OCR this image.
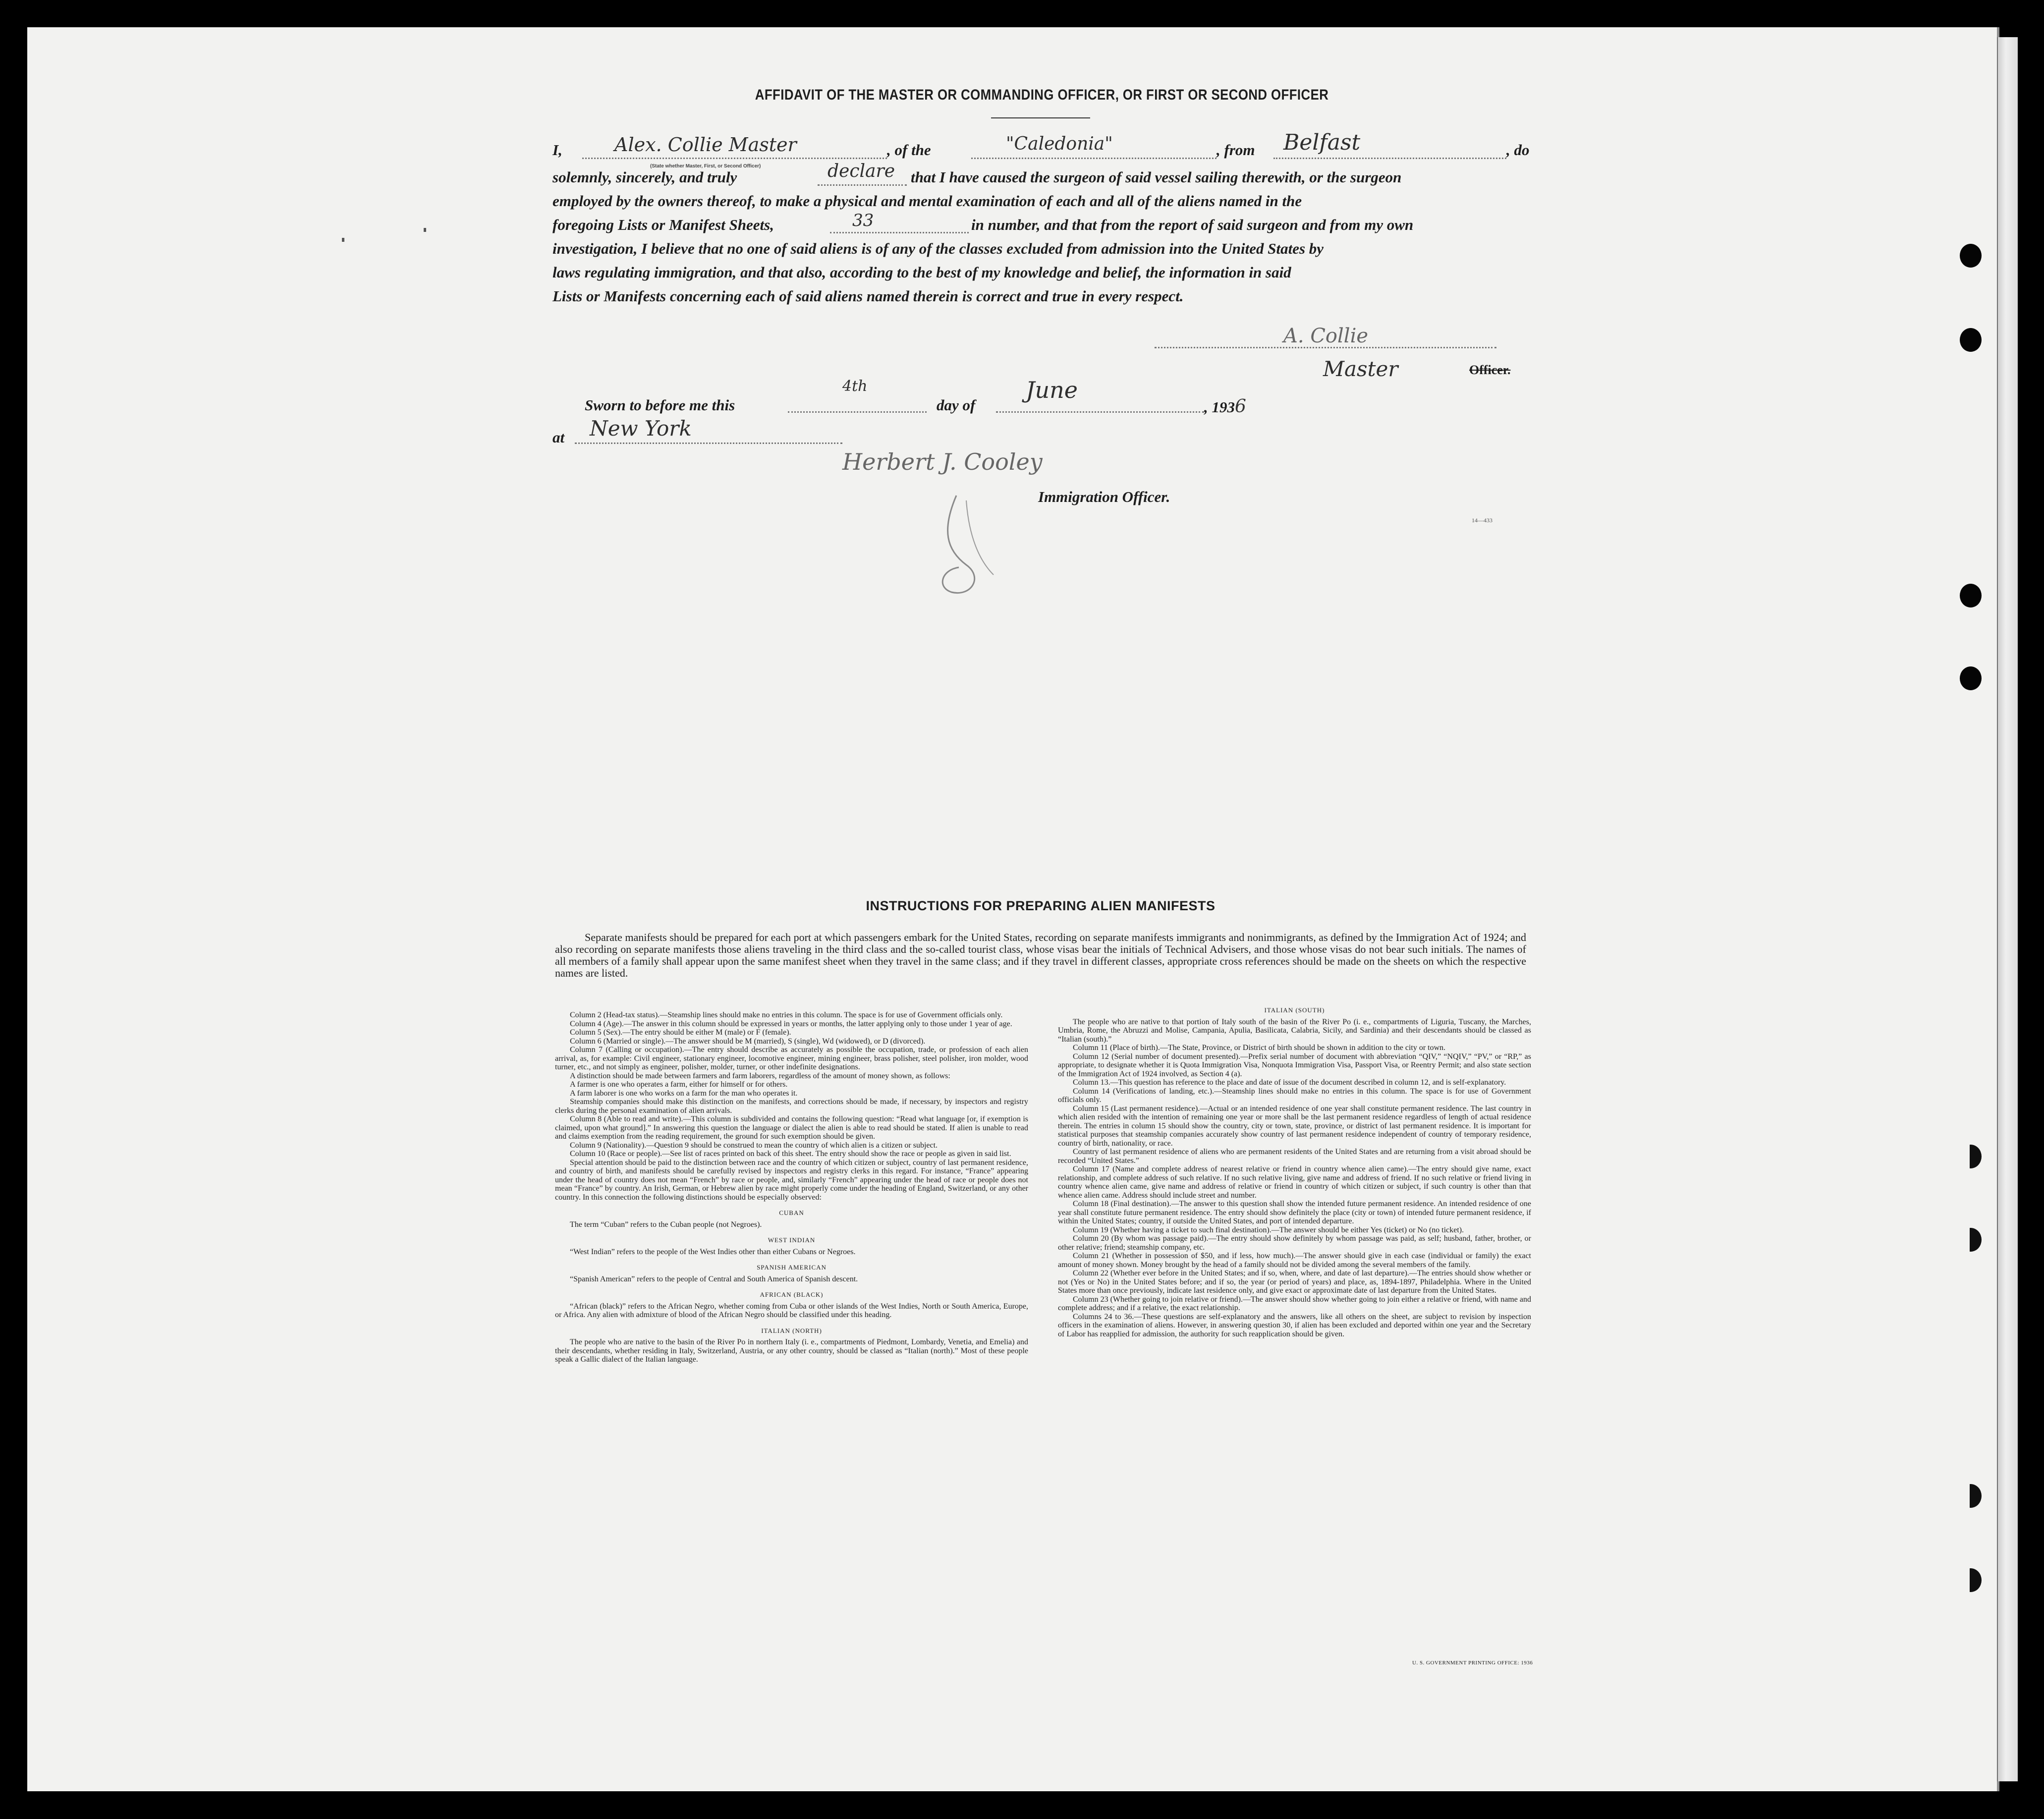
AFFIDAVIT OF THE MASTER OR COMMANDING OFFICER, OR FIRST OR SECOND OFFICER
I,	Alex. Collie Master	, of the	"Caledonia"	, from Belfast	, do
(State whether Master, First, or Second Officer)
solemnly, sincerely, and truly	declare that I have caused the surgeon of said vessel sailing therewith, or the surgeon
employed by the owners thereof, to make a physical and mental examination of each and all of the aliens named in the
foregoing Lists or Manifest Sheets,	33	in number, and that from the report of said surgeon and from my own
investigation, I believe that no one of said aliens is of any of the classes excluded from admission into the United States by
laws regulating immigration, and that also, according to the best of my knowledge and belief, the information in said
Lists or Manifests concerning each of said aliens named therein is correct and true in every respect.
A. Collie
Master	Officer.
Sworn to before me this
4th
day of
June
, 1936
at New York
Herbert J. Cooley
Immigration Officer.
14—433
INSTRUCTIONS FOR PREPARING ALIEN MANIFESTS
Separate manifests should be prepared for each port at which passengers embark for the United States, recording on separate manifests immigrants and nonimmigrants, as defined by the Immigration Act of 1924; and also recording on separate manifests those aliens traveling in the third class and the so-called tourist class, whose visas bear the initials of Technical Advisers, and those whose visas do not bear such initials. The names of all members of a family shall appear upon the same manifest sheet when they travel in the same class; and if they travel in different classes, appropriate cross references should be made on the sheets on which the respective names are listed.

Column 2 (Head-tax status).—Steamship lines should make no entries in this column. The space is for use of Government officials only.

Column 4 (Age).—The answer in this column should be expressed in years or months, the latter applying only to those under 1 year of age.

Column 5 (Sex).—The entry should be either M (male) or F (female).

Column 6 (Married or single).—The answer should be M (married), S (single), Wd (widowed), or D (divorced).

Column 7 (Calling or occupation).—The entry should describe as accurately as possible the occupation, trade, or profession of each alien arrival, as, for example: Civil engineer, stationary engineer, locomotive engineer, mining engineer, brass polisher, steel polisher, iron molder, wood turner, etc., and not simply as engineer, polisher, molder, turner, or other indefinite designations.

A distinction should be made between farmers and farm laborers, regardless of the amount of money shown, as follows:

A farmer is one who operates a farm, either for himself or for others.

A farm laborer is one who works on a farm for the man who operates it.

Steamship companies should make this distinction on the manifests, and corrections should be made, if necessary, by inspectors and registry clerks during the personal examination of alien arrivals.

Column 8 (Able to read and write).—This column is subdivided and contains the following question: “Read what language [or, if exemption is claimed, upon what ground].” In answering this question the language or dialect the alien is able to read should be stated. If alien is unable to read and claims exemption from the reading requirement, the ground for such exemption should be given.

Column 9 (Nationality).—Question 9 should be construed to mean the country of which alien is a citizen or subject.

Column 10 (Race or people).—See list of races printed on back of this sheet. The entry should show the race or people as given in said list.

Special attention should be paid to the distinction between race and the country of which citizen or subject, country of last permanent residence, and country of birth, and manifests should be carefully revised by inspectors and registry clerks in this regard. For instance, “France” appearing under the head of country does not mean “French” by race or people, and, similarly “French” appearing under the head of race or people does not mean “France” by country. An Irish, German, or Hebrew alien by race might properly come under the heading of England, Switzerland, or any other country. In this connection the following distinctions should be especially observed:

CUBAN

The term “Cuban” refers to the Cuban people (not Negroes).

WEST INDIAN

“West Indian” refers to the people of the West Indies other than either Cubans or Negroes.

SPANISH AMERICAN

“Spanish American” refers to the people of Central and South America of Spanish descent.

AFRICAN (BLACK)

“African (black)” refers to the African Negro, whether coming from Cuba or other islands of the West Indies, North or South America, Europe, or Africa. Any alien with admixture of blood of the African Negro should be classified under this heading.

ITALIAN (NORTH)

The people who are native to the basin of the River Po in northern Italy (i. e., compartments of Piedmont, Lombardy, Venetia, and Emelia) and their descendants, whether residing in Italy, Switzerland, Austria, or any other country, should be classed as “Italian (north).” Most of these people speak a Gallic dialect of the Italian language.

ITALIAN (SOUTH)

The people who are native to that portion of Italy south of the basin of the River Po (i. e., compartments of Liguria, Tuscany, the Marches, Umbria, Rome, the Abruzzi and Molise, Campania, Apulia, Basilicata, Calabria, Sicily, and Sardinia) and their descendants should be classed as “Italian (south).”

Column 11 (Place of birth).—The State, Province, or District of birth should be shown in addition to the city or town.

Column 12 (Serial number of document presented).—Prefix serial number of document with abbreviation “QIV,” “NQIV,” “PV,” or “RP,” as appropriate, to designate whether it is Quota Immigration Visa, Nonquota Immigration Visa, Passport Visa, or Reentry Permit; and also state section of the Immigration Act of 1924 involved, as Section 4 (a).

Column 13.—This question has reference to the place and date of issue of the document described in column 12, and is self-explanatory.

Column 14 (Verifications of landing, etc.).—Steamship lines should make no entries in this column. The space is for use of Government officials only.

Column 15 (Last permanent residence).—Actual or an intended residence of one year shall constitute permanent residence. The last country in which alien resided with the intention of remaining one year or more shall be the last permanent residence regardless of length of actual residence therein. The entries in column 15 should show the country, city or town, state, province, or district of last permanent residence. It is important for statistical purposes that steamship companies accurately show country of last permanent residence independent of country of temporary residence, country of birth, nationality, or race.

Country of last permanent residence of aliens who are permanent residents of the United States and are returning from a visit abroad should be recorded “United States.”

Column 17 (Name and complete address of nearest relative or friend in country whence alien came).—The entry should give name, exact relationship, and complete address of such relative. If no such relative living, give name and address of friend. If no such relative or friend living in country whence alien came, give name and address of relative or friend in country of which citizen or subject, if such country is other than that whence alien came. Address should include street and number.

Column 18 (Final destination).—The answer to this question shall show the intended future permanent residence. An intended residence of one year shall constitute future permanent residence. The entry should show definitely the place (city or town) of intended future permanent residence, if within the United States; country, if outside the United States, and port of intended departure.

Column 19 (Whether having a ticket to such final destination).—The answer should be either Yes (ticket) or No (no ticket).

Column 20 (By whom was passage paid).—The entry should show definitely by whom passage was paid, as self; husband, father, brother, or other relative; friend; steamship company, etc.

Column 21 (Whether in possession of $50, and if less, how much).—The answer should give in each case (individual or family) the exact amount of money shown. Money brought by the head of a family should not be divided among the several members of the family.

Column 22 (Whether ever before in the United States; and if so, when, where, and date of last departure).—The entries should show whether or not (Yes or No) in the United States before; and if so, the year (or period of years) and place, as, 1894-1897, Philadelphia. Where in the United States more than once previously, indicate last residence only, and give exact or approximate date of last departure from the United States.

Column 23 (Whether going to join relative or friend).—The answer should show whether going to join either a relative or friend, with name and complete address; and if a relative, the exact relationship.

Columns 24 to 36.—These questions are self-explanatory and the answers, like all others on the sheet, are subject to revision by inspection officers in the examination of aliens. However, in answering question 30, if alien has been excluded and deported within one year and the Secretary of Labor has reapplied for admission, the authority for such reapplication should be given.

U. S. GOVERNMENT PRINTING OFFICE: 1936
